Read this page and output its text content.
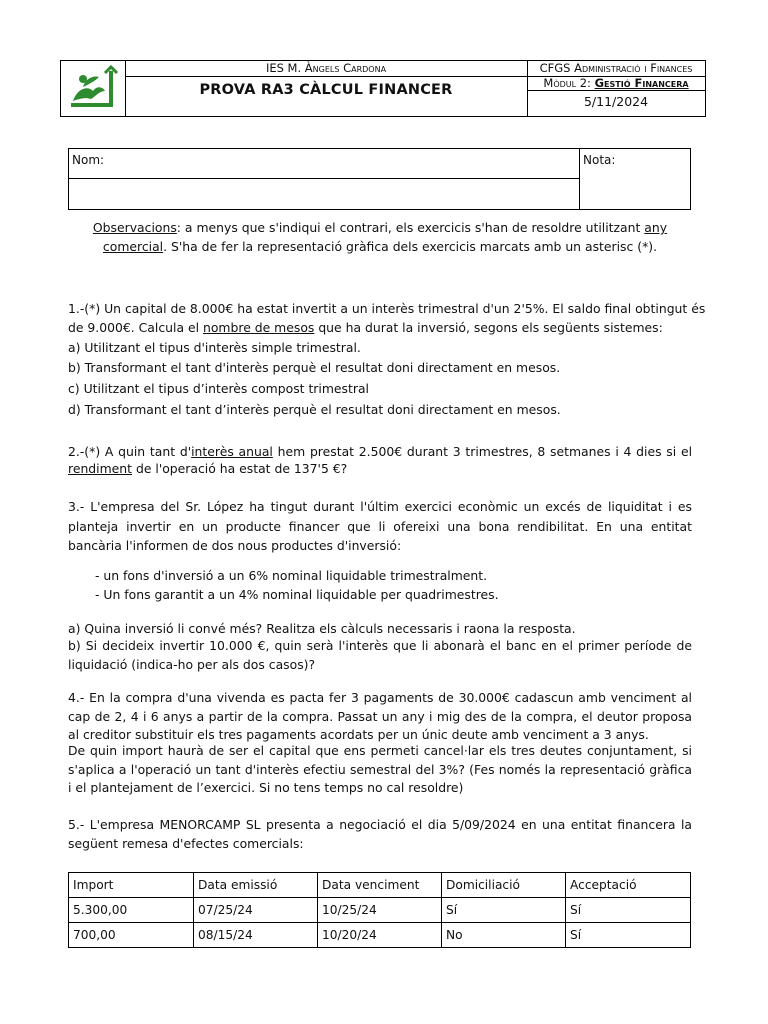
IES M. Àngels Cardona
PROVA RA3 CÀLCUL FINANCER
CFGS Administració i Finances
Mòdul 2: Gestió Financera
5/11/2024
Nom:	Nota:
Observacions: a menys que s'indiqui el contrari, els exercicis s'han de resoldre utilitzant any comercial. S'ha de fer la representació gràfica dels exercicis marcats amb un asterisc (*).
1.-(*) Un capital de 8.000€ ha estat invertit a un interès trimestral d'un 2'5%. El saldo final obtingut és
de 9.000€. Calcula el nombre de mesos que ha durat la inversió, segons els següents sistemes:
a) Utilitzant el tipus d'interès simple trimestral.
b) Transformant el tant d'interès perquè el resultat doni directament en mesos.
c) Utilitzant el tipus d’interès compost trimestral
d) Transformant el tant d’interès perquè el resultat doni directament en mesos.
2.-(*) A quin tant d'interès anual hem prestat 2.500€ durant 3 trimestres, 8 setmanes i 4 dies si el
rendiment de l'operació ha estat de 137'5 €?
3.- L'empresa del Sr. López ha tingut durant l'últim exercici econòmic un excés de liquiditat i es planteja invertir en un producte financer que li ofereixi una bona rendibilitat. En una entitat bancària l'informen de dos nous productes d'inversió:
- un fons d'inversió a un 6% nominal liquidable trimestralment.
- Un fons garantit a un 4% nominal liquidable per quadrimestres.
a) Quina inversió li convé més? Realitza els càlculs necessaris i raona la resposta.
b) Si decideix invertir 10.000 €, quin serà l'interès que li abonarà el banc en el primer període de liquidació (indica-ho per als dos casos)?
4.- En la compra d'una vivenda es pacta fer 3 pagaments de 30.000€ cadascun amb venciment al cap de 2, 4 i 6 anys a partir de la compra. Passat un any i mig des de la compra, el deutor proposa al creditor substituir els tres pagaments acordats per un únic deute amb venciment a 3 anys.
De quin import haurà de ser el capital que ens permeti cancel·lar els tres deutes conjuntament, si s'aplica a l'operació un tant d'interès efectiu semestral del 3%? (Fes només la representació gràfica i el plantejament de l’exercici. Si no tens temps no cal resoldre)
5.- L'empresa MENORCAMP SL presenta a negociació el dia 5/09/2024 en una entitat financera la següent remesa d'efectes comercials:
Import	Data emissió	Data venciment	Domiciliació	Acceptació
5.300,00	07/25/24	10/25/24	Sí	Sí
700,00	08/15/24	10/20/24	No	Sí
